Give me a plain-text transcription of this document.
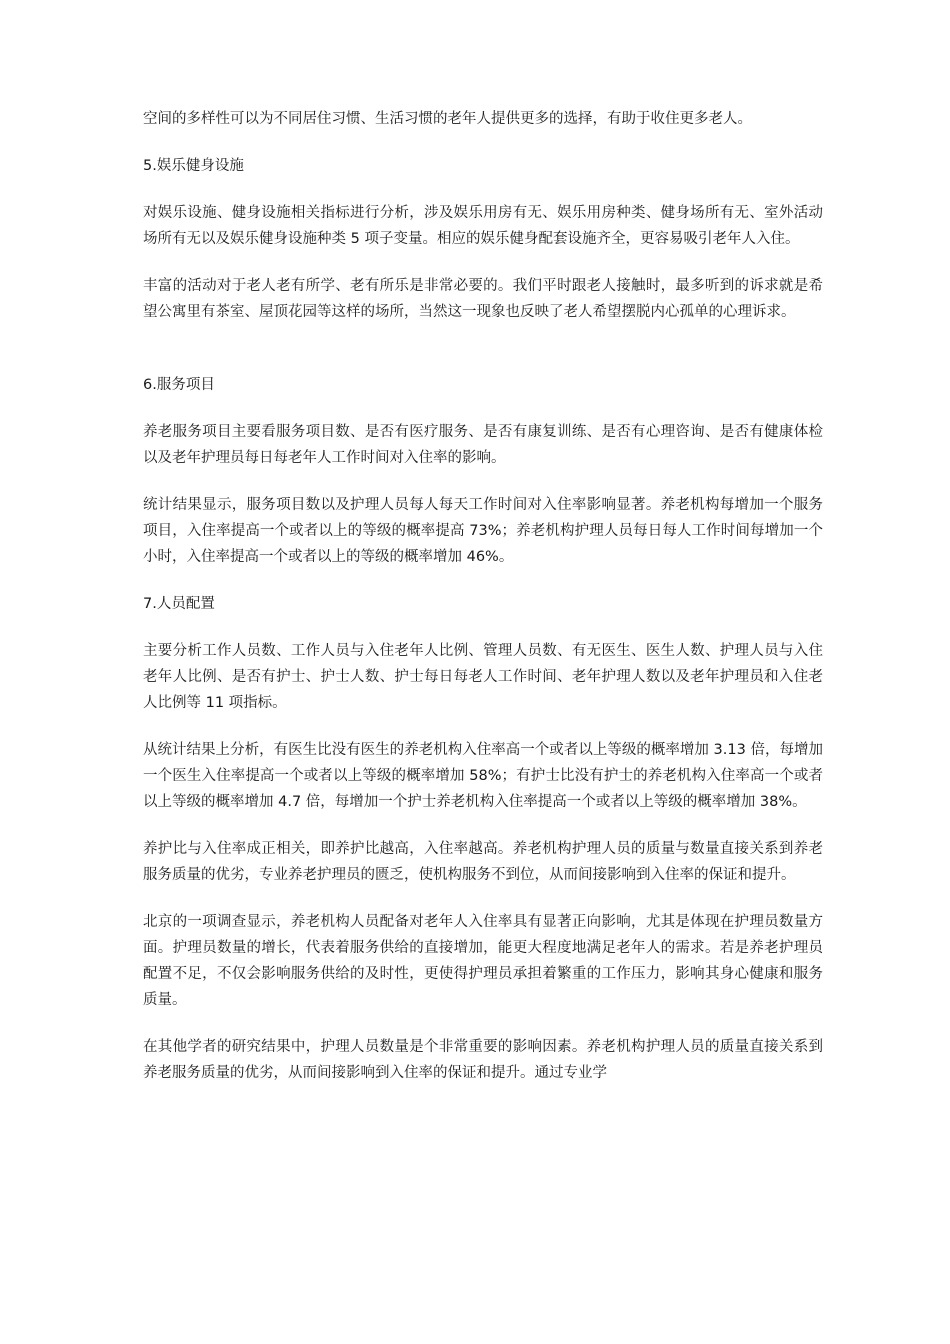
空间的多样性可以为不同居住习惯、生活习惯的老年人提供更多的选择，有助于收住更多老人。

5.娱乐健身设施

对娱乐设施、健身设施相关指标进行分析，涉及娱乐用房有无、娱乐用房种类、健身场所有无、室外活动场所有无以及娱乐健身设施种类 5 项子变量。相应的娱乐健身配套设施齐全，更容易吸引老年人入住。

丰富的活动对于老人老有所学、老有所乐是非常必要的。我们平时跟老人接触时，最多听到的诉求就是希望公寓里有茶室、屋顶花园等这样的场所，当然这一现象也反映了老人希望摆脱内心孤单的心理诉求。

6.服务项目

养老服务项目主要看服务项目数、是否有医疗服务、是否有康复训练、是否有心理咨询、是否有健康体检以及老年护理员每日每老年人工作时间对入住率的影响。

统计结果显示，服务项目数以及护理人员每人每天工作时间对入住率影响显著。养老机构每增加一个服务项目，入住率提高一个或者以上的等级的概率提高 73%；养老机构护理人员每日每人工作时间每增加一个小时，入住率提高一个或者以上的等级的概率增加 46%。

7.人员配置

主要分析工作人员数、工作人员与入住老年人比例、管理人员数、有无医生、医生人数、护理人员与入住老年人比例、是否有护士、护士人数、护士每日每老人工作时间、老年护理人数以及老年护理员和入住老人比例等 11 项指标。

从统计结果上分析，有医生比没有医生的养老机构入住率高一个或者以上等级的概率增加 3.13 倍，每增加一个医生入住率提高一个或者以上等级的概率增加 58%；有护士比没有护士的养老机构入住率高一个或者以上等级的概率增加 4.7 倍，每增加一个护士养老机构入住率提高一个或者以上等级的概率增加 38%。

养护比与入住率成正相关，即养护比越高，入住率越高。养老机构护理人员的质量与数量直接关系到养老服务质量的优劣，专业养老护理员的匮乏，使机构服务不到位，从而间接影响到入住率的保证和提升。

北京的一项调查显示，养老机构人员配备对老年人入住率具有显著正向影响，尤其是体现在护理员数量方面。护理员数量的增长，代表着服务供给的直接增加，能更大程度地满足老年人的需求。若是养老护理员配置不足，不仅会影响服务供给的及时性，更使得护理员承担着繁重的工作压力，影响其身心健康和服务质量。

在其他学者的研究结果中，护理人员数量是个非常重要的影响因素。养老机构护理人员的质量直接关系到养老服务质量的优劣，从而间接影响到入住率的保证和提升。通过专业学
